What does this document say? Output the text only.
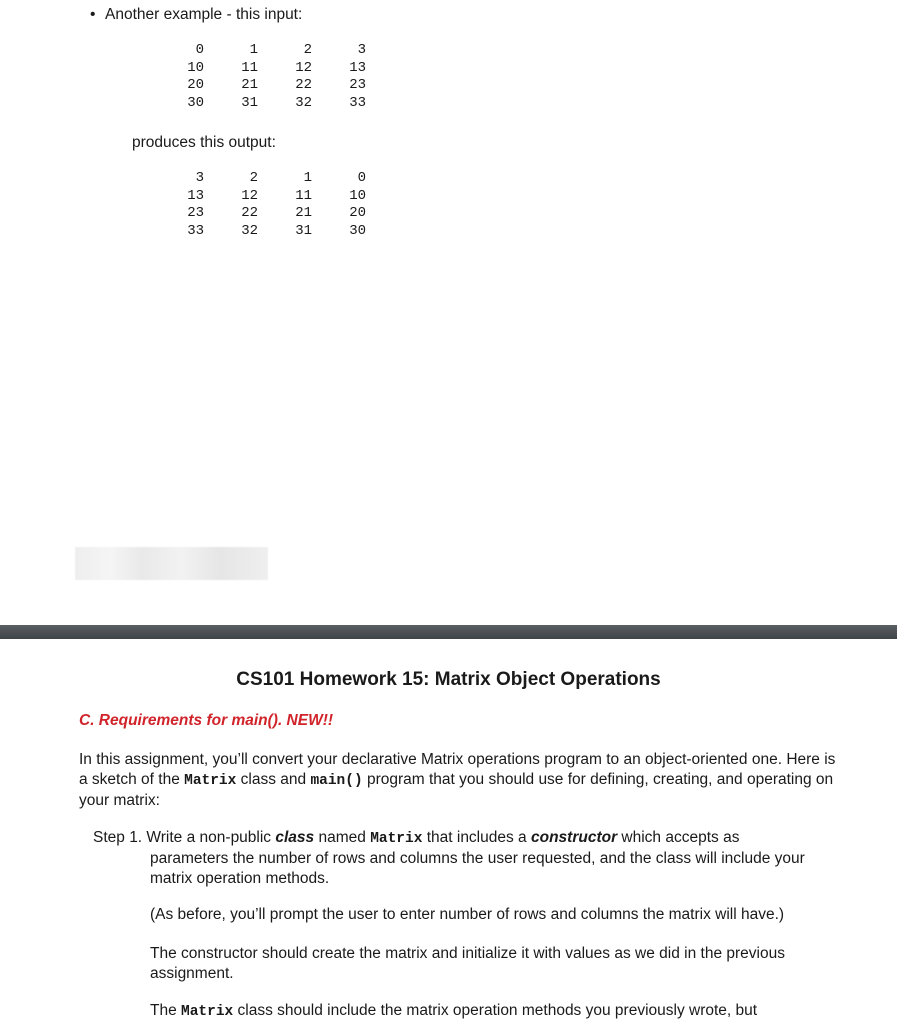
• Another example - this input:
0	1	2	3
10	11	12	13
20	21	22	23
30	31	32	33
produces this output:
3	2	1	0
13	12	11	10
23	22	21	20
33	32	31	30
CS101 Homework 15: Matrix Object Operations
C. Requirements for main(). NEW!!
In this assignment, you’ll convert your declarative Matrix operations program to an object-oriented one. Here is a sketch of the Matrix class and main() program that you should use for defining, creating, and operating on your matrix:
Step 1. Write a non-public class named Matrix that includes a constructor which accepts as
parameters the number of rows and columns the user requested, and the class will include your matrix operation methods.
(As before, you’ll prompt the user to enter number of rows and columns the matrix will have.)
The constructor should create the matrix and initialize it with values as we did in the previous assignment.
The Matrix class should include the matrix operation methods you previously wrote, but
